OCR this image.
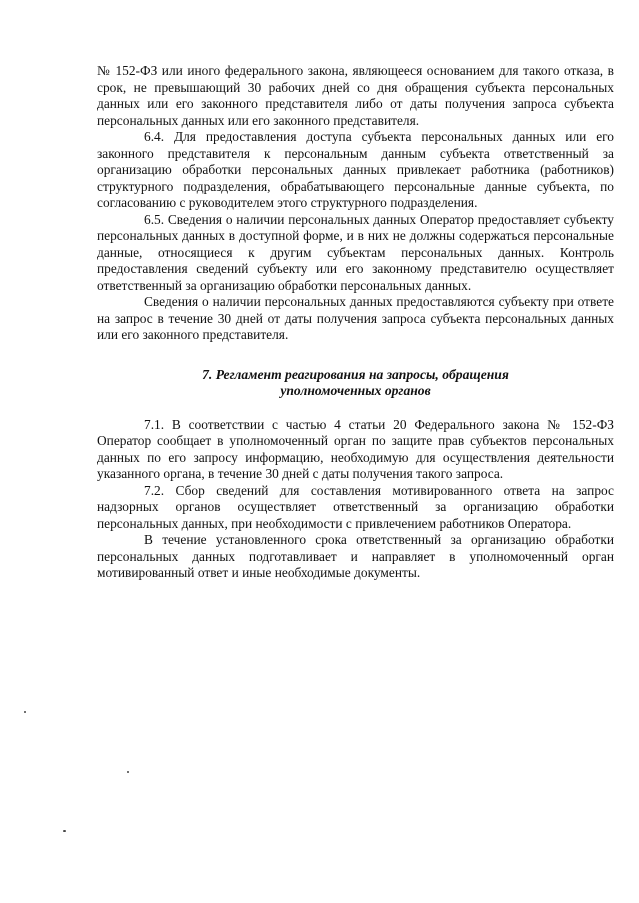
№ 152-ФЗ или иного федерального закона, являющееся основанием для такого отказа, в срок, не превышающий 30 рабочих дней со дня обращения субъекта персональных данных или его законного представителя либо от даты получения запроса субъекта персональных данных или его законного представителя.

6.4. Для предоставления доступа субъекта персональных данных или его законного представителя к персональным данным субъекта ответственный за организацию обработки персональных данных привлекает работника (работников) структурного подразделения, обрабатывающего персональные данные субъекта, по согласованию с руководителем этого структурного подразделения.

6.5. Сведения о наличии персональных данных Оператор предоставляет субъекту персональных данных в доступной форме, и в них не должны содержаться персональные данные, относящиеся к другим субъектам персональных данных. Контроль предоставления сведений субъекту или его законному представителю осуществляет ответственный за организацию обработки персональных данных.

Сведения о наличии персональных данных предоставляются субъекту при ответе на запрос в течение 30 дней от даты получения запроса субъекта персональных данных или его законного представителя.

7. Регламент реагирования на запросы, обращения
уполномоченных органов

7.1. В соответствии с частью 4 статьи 20 Федерального закона № 152-ФЗ Оператор сообщает в уполномоченный орган по защите прав субъектов персональных данных по его запросу информацию, необходимую для осуществления деятельности указанного органа, в течение 30 дней с даты получения такого запроса.

7.2. Сбор сведений для составления мотивированного ответа на запрос надзорных органов осуществляет ответственный за организацию обработки персональных данных, при необходимости с привлечением работников Оператора.

В течение установленного срока ответственный за организацию обработки персональных данных подготавливает и направляет в уполномоченный орган мотивированный ответ и иные необходимые документы.
